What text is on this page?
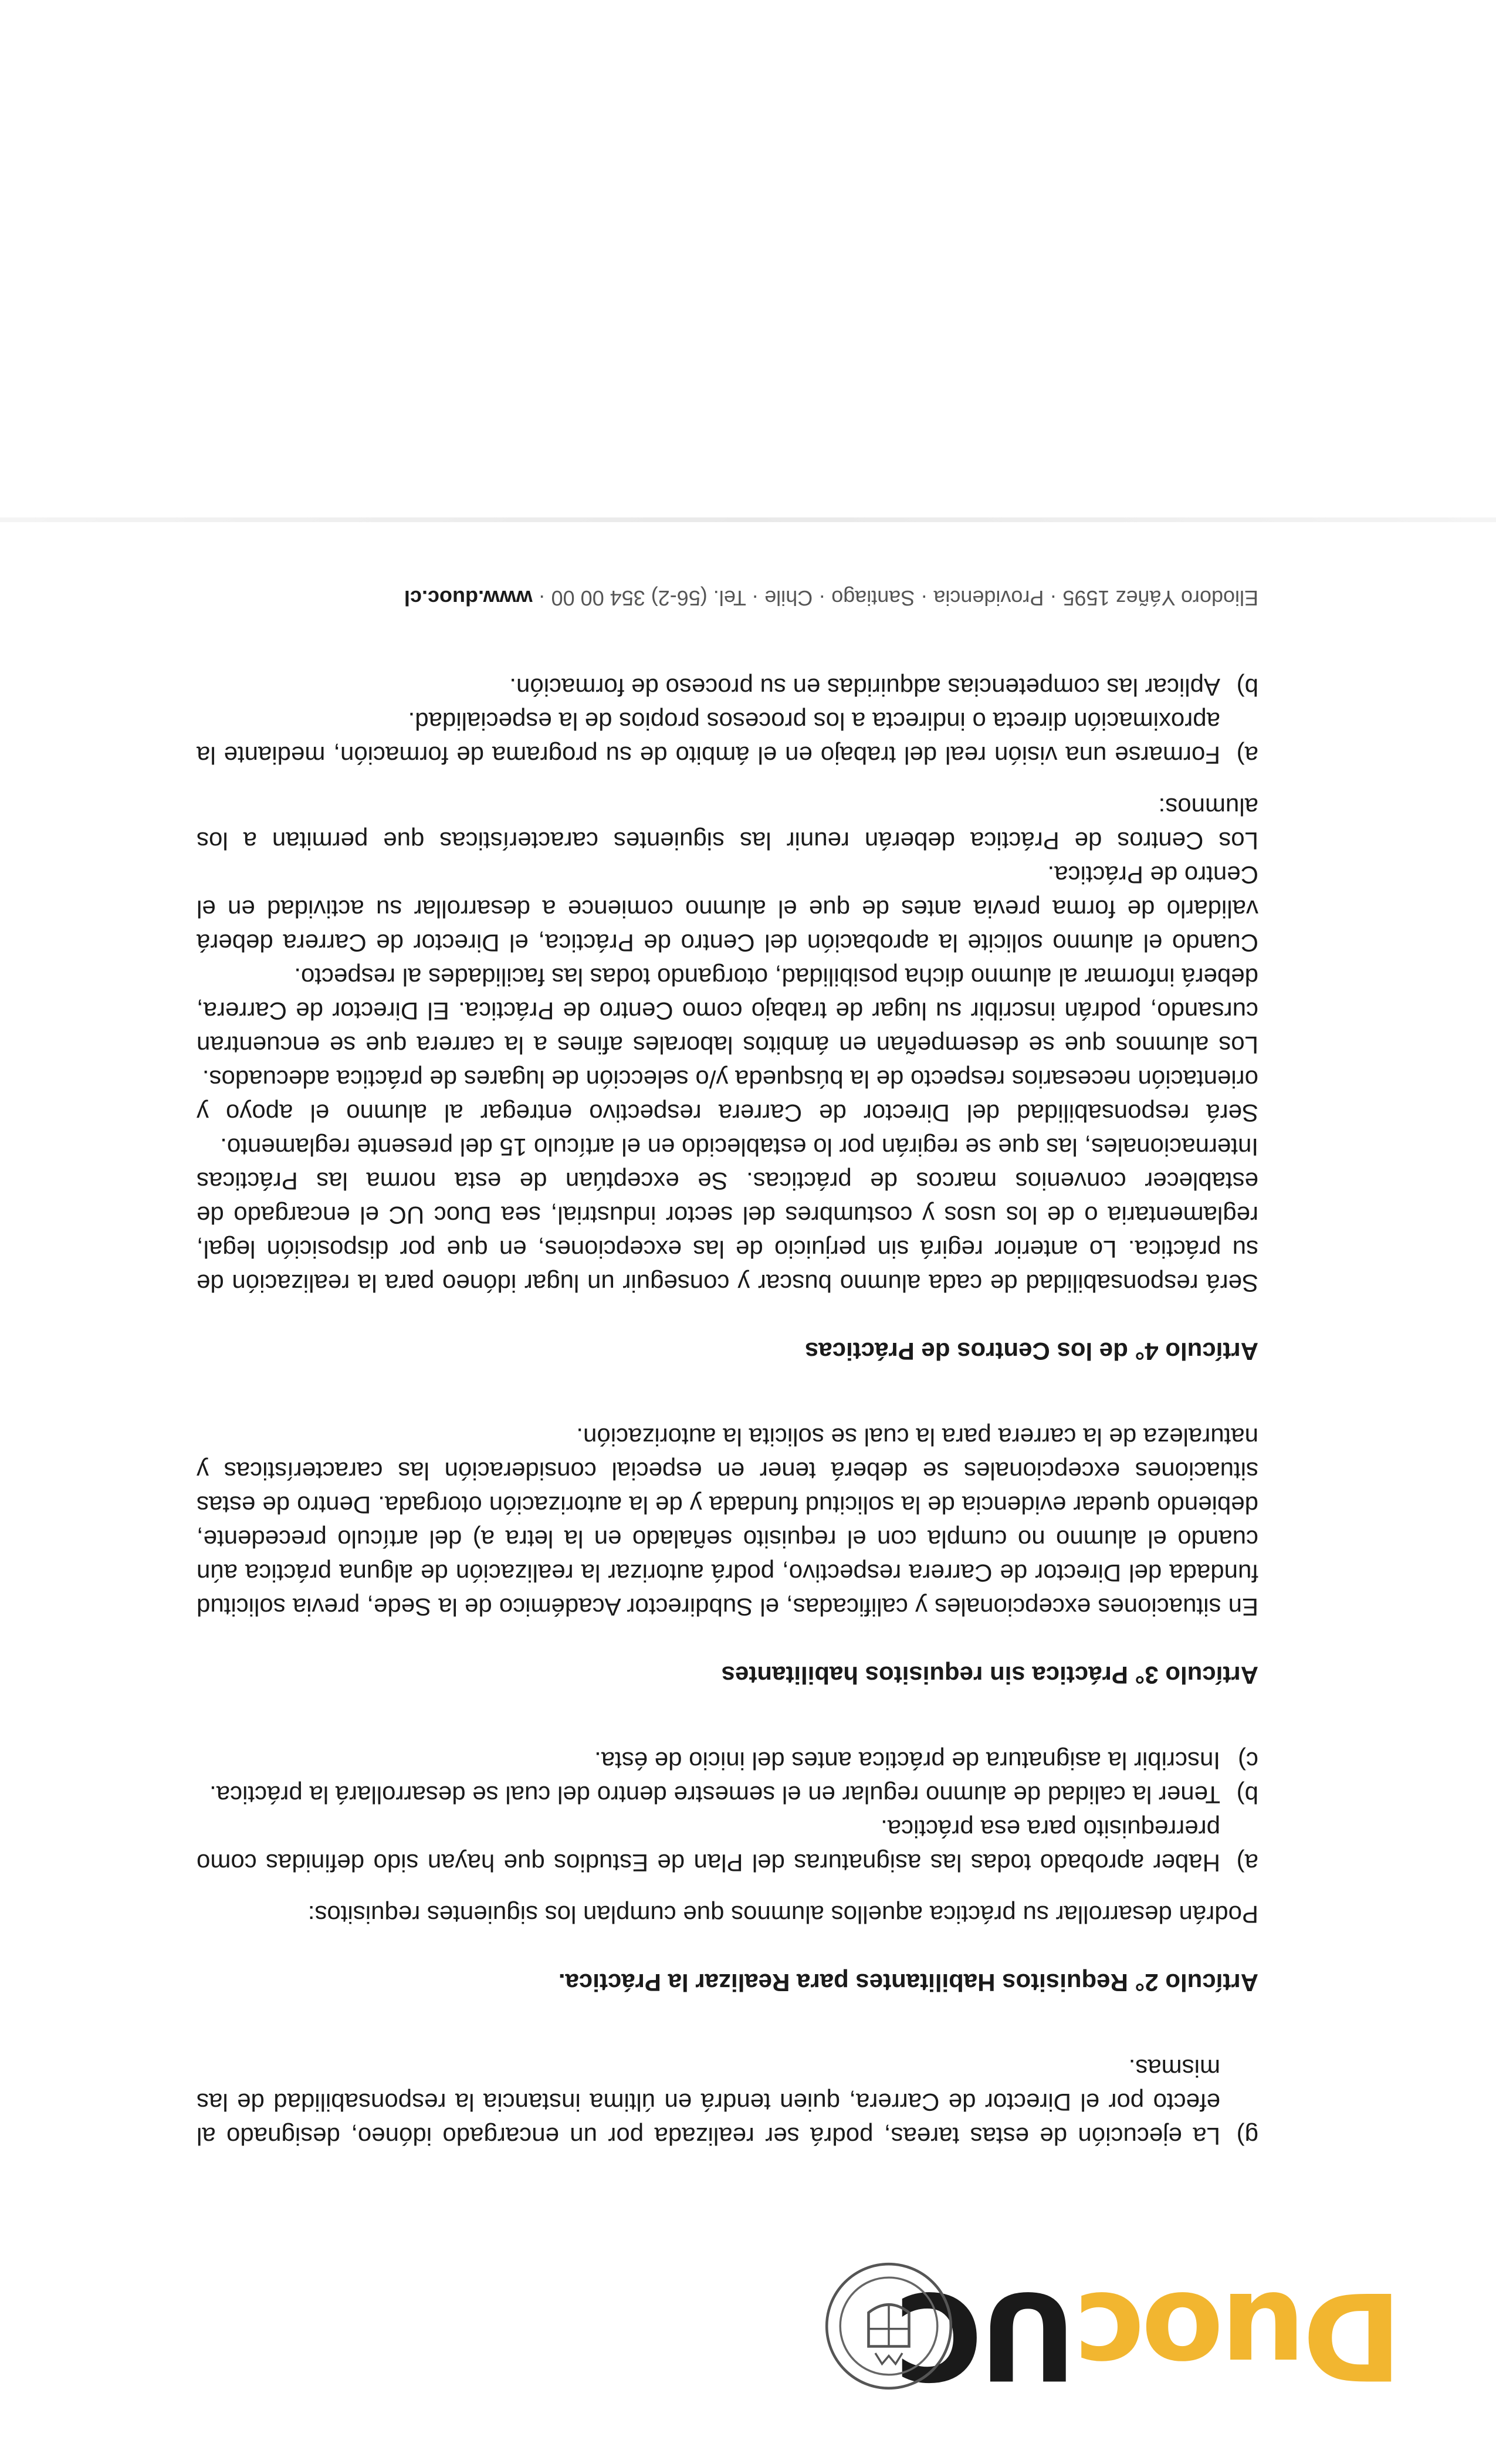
DuocUC
g)
La ejecución de estas tareas, podrá ser realizada por un encargado idóneo, designado al efecto por el Director de Carrera, quien tendrá en última instancia la responsabilidad de las mismas.

Artículo 2° Requisitos Habilitantes para Realizar la Práctica.

Podrán desarrollar su práctica aquellos alumnos que cumplan los siguientes requisitos:

a)
Haber aprobado todas las asignaturas del Plan de Estudios que hayan sido definidas como prerrequisito para esa práctica.
b)
Tener la calidad de alumno regular en el semestre dentro del cual se desarrollará la práctica.
c)
Inscribir la asignatura de práctica antes del inicio de ésta.

Artículo 3° Práctica sin requisitos habilitantes

En situaciones excepcionales y calificadas, el Subdirector Académico de la Sede, previa solicitud fundada del Director de Carrera respectivo, podrá autorizar la realización de alguna práctica aún cuando el alumno no cumpla con el requisito señalado en la letra a) del artículo precedente, debiendo quedar evidencia de la solicitud fundada y de la autorización otorgada. Dentro de estas situaciones excepcionales se deberá tener en especial consideración las características y naturaleza de la carrera para la cual se solicita la autorización.

Artículo 4° de los Centros de Prácticas

Será responsabilidad de cada alumno buscar y conseguir un lugar idóneo para la realización de su práctica. Lo anterior regirá sin perjuicio de las excepciones, en que por disposición legal, reglamentaria o de los usos y costumbres del sector industrial, sea Duoc UC el encargado de establecer convenios marcos de prácticas. Se exceptúan de esta norma las Prácticas Internacionales, las que se regirán por lo establecido en el artículo 15 del presente reglamento.

Será responsabilidad del Director de Carrera respectivo entregar al alumno el apoyo y orientación necesarios respecto de la búsqueda y/o selección de lugares de práctica adecuados.

Los alumnos que se desempeñan en ámbitos laborales afines a la carrera que se encuentran cursando, podrán inscribir su lugar de trabajo como Centro de Práctica. El Director de Carrera, deberá informar al alumno dicha posibilidad, otorgando todas las facilidades al respecto.

Cuando el alumno solicite la aprobación del Centro de Práctica, el Director de Carrera deberá validarlo de forma previa antes de que el alumno comience a desarrollar su actividad en el Centro de Práctica.

Los Centros de Práctica deberán reunir las siguientes características que permitan a los alumnos:

a)
Formarse una visión real del trabajo en el ámbito de su programa de formación, mediante la aproximación directa o indirecta a los procesos propios de la especialidad.
b)
Aplicar las competencias adquiridas en su proceso de formación.
Eliodoro Yáñez 1595 · Providencia · Santiago · Chile · Tel. (56-2) 354 00 00 · www.duoc.cl
